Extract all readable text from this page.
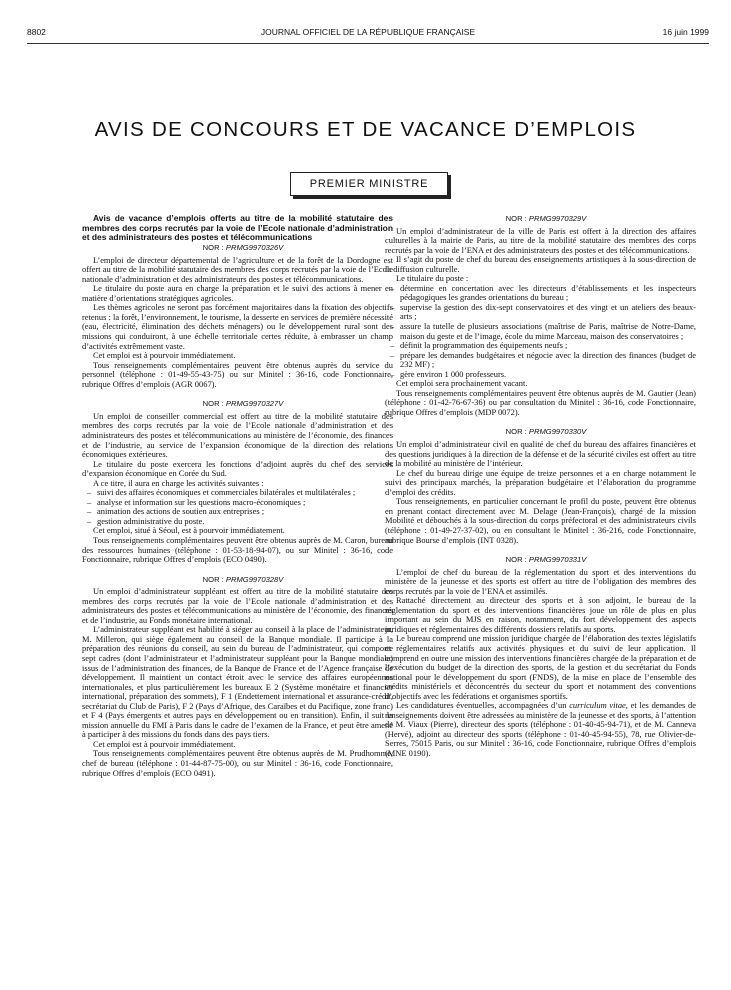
8802	JOURNAL OFFICIEL DE LA RÉPUBLIQUE FRANÇAISE	16 juin 1999
AVIS DE CONCOURS ET DE VACANCE D’EMPLOIS
PREMIER MINISTRE

Avis de vacance d’emplois offerts au titre de la mobilité statutaire des membres des corps recrutés par la voie de l’Ecole nationale d’administration et des administrateurs des postes et télécommunications

NOR : PRMG9970326V

L’emploi de directeur départemental de l’agriculture et de la forêt de la Dordogne est offert au titre de la mobilité statutaire des membres des corps recrutés par la voie de l’Ecole nationale d’administration et des administrateurs des postes et télécommunications.

Le titulaire du poste aura en charge la préparation et le suivi des actions à mener en matière d’orientations stratégiques agricoles.

Les thèmes agricoles ne seront pas forcément majoritaires dans la fixation des objectifs retenus : la forêt, l’environnement, le tourisme, la desserte en services de première nécessité (eau, électricité, élimination des déchets ménagers) ou le développement rural sont des missions qui conduiront, à une échelle territoriale certes réduite, à embrasser un champ d’activités extrêmement vaste.

Cet emploi est à pourvoir immédiatement.

Tous renseignements complémentaires peuvent être obtenus auprès du service du personnel (téléphone : 01-49-55-43-75) ou sur Minitel : 36-16, code Fonctionnaire, rubrique Offres d’emplois (AGR 0067).

NOR : PRMG9970327V

Un emploi de conseiller commercial est offert au titre de la mobilité statutaire des membres des corps recrutés par la voie de l’Ecole nationale d’administration et des administrateurs des postes et télécommunications au ministère de l’économie, des finances et de l’industrie, au service de l’expansion économique de la direction des relations économiques extérieures.

Le titulaire du poste exercera les fonctions d’adjoint auprès du chef des services d’expansion économique en Corée du Sud.

A ce titre, il aura en charge les activités suivantes :

– suivi des affaires économiques et commerciales bilatérales et multilatérales ;
– analyse et information sur les questions macro-économiques ;
– animation des actions de soutien aux entreprises ;
– gestion administrative du poste.

Cet emploi, situé à Séoul, est à pourvoir immédiatement.

Tous renseignements complémentaires peuvent être obtenus auprès de M. Caron, bureau des ressources humaines (téléphone : 01-53-18-94-07), ou sur Minitel : 36-16, code Fonctionnaire, rubrique Offres d’emplois (ECO 0490).

NOR : PRMG9970328V

Un emploi d’administrateur suppléant est offert au titre de la mobilité statutaire des membres des corps recrutés par la voie de l’Ecole nationale d’administration et des administrateurs des postes et télécommunications au ministère de l’économie, des finances et de l’industrie, au Fonds monétaire international.

L’administrateur suppléant est habilité à siéger au conseil à la place de l’administrateur, M. Milleron, qui siège également au conseil de la Banque mondiale. Il participe à la préparation des réunions du conseil, au sein du bureau de l’administrateur, qui comporte sept cadres (dont l’administrateur et l’administrateur suppléant pour la Banque mondiale) issus de l’administration des finances, de la Banque de France et de l’Agence française de développement. Il maintient un contact étroit avec le service des affaires européennes internationales, et plus particulièrement les bureaux E 2 (Système monétaire et financier international, préparation des sommets), F 1 (Endettement international et assurance-crédit, secrétariat du Club de Paris), F 2 (Pays d’Afrique, des Caraïbes et du Pacifique, zone franc) et F 4 (Pays émergents et autres pays en développement ou en transition). Enfin, il suit la mission annuelle du FMI à Paris dans le cadre de l’examen de la France, et peut être amené à participer à des missions du fonds dans des pays tiers.

Cet emploi est à pourvoir immédiatement.

Tous renseignements complémentaires peuvent être obtenus auprès de M. Prudhomme, chef de bureau (téléphone : 01-44-87-75-00), ou sur Minitel : 36-16, code Fonctionnaire, rubrique Offres d’emplois (ECO 0491).

NOR : PRMG9970329V

Un emploi d’administrateur de la ville de Paris est offert à la direction des affaires culturelles à la mairie de Paris, au titre de la mobilité statutaire des membres des corps recrutés par la voie de l’ENA et des administrateurs des postes et des télécommunications.

Il s’agit du poste de chef du bureau des enseignements artistiques à la sous-direction de la diffusion culturelle.

Le titulaire du poste :

– détermine en concertation avec les directeurs d’établissements et les inspecteurs pédagogiques les grandes orientations du bureau ;
– supervise la gestion des dix-sept conservatoires et des vingt et un ateliers des beaux-arts ;
– assure la tutelle de plusieurs associations (maîtrise de Paris, maîtrise de Notre-Dame, maison du geste et de l’image, école du mime Marceau, maison des conservatoires ;
– définit la programmation des équipements neufs ;
– prépare les demandes budgétaires et négocie avec la direction des finances (budget de 232 MF) ;
– gère environ 1 000 professeurs.

Cet emploi sera prochainement vacant.

Tous renseignements complémentaires peuvent être obtenus auprès de M. Gautier (Jean) (téléphone : 01-42-76-67-36) ou par consultation du Minitel : 36-16, code Fonctionnaire, rubrique Offres d’emplois (MDP 0072).

NOR : PRMG9970330V

Un emploi d’administrateur civil en qualité de chef du bureau des affaires financières et des questions juridiques à la direction de la défense et de la sécurité civiles est offert au titre de la mobilité au ministère de l’intérieur.

Le chef du bureau dirige une équipe de treize personnes et a en charge notamment le suivi des principaux marchés, la préparation budgétaire et l’élaboration du programme d’emploi des crédits.

Tous renseignements, en particulier concernant le profil du poste, peuvent être obtenus en prenant contact directement avec M. Delage (Jean-François), chargé de la mission Mobilité et débouchés à la sous-direction du corps préfectoral et des administrateurs civils (téléphone : 01-49-27-37-02), ou en consultant le Minitel : 36-216, code Fonctionnaire, rubrique Bourse d’emplois (INT 0328).

NOR : PRMG9970331V

L’emploi de chef du bureau de la réglementation du sport et des interventions du ministère de la jeunesse et des sports est offert au titre de l’obligation des membres des corps recrutés par la voie de l’ENA et assimilés.

Rattaché directement au directeur des sports et à son adjoint, le bureau de la réglementation du sport et des interventions financières joue un rôle de plus en plus important au sein du MJS en raison, notamment, du fort développement des aspects juridiques et réglementaires des différents dossiers relatifs au sports.

Le bureau comprend une mission juridique chargée de l’élaboration des textes législatifs et réglementaires relatifs aux activités physiques et du suivi de leur application. Il comprend en outre une mission des interventions financières chargée de la préparation et de l’exécution du budget de la direction des sports, de la gestion et du secrétariat du Fonds national pour le développement du sport (FNDS), de la mise en place de l’ensemble des crédits ministériels et déconcentrés du secteur du sport et notamment des conventions d’objectifs avec les fédérations et organismes sportifs.

Les candidatures éventuelles, accompagnées d’un curriculum vitae, et les demandes de renseignements doivent être adressées au ministère de la jeunesse et des sports, à l’attention de M. Viaux (Pierre), directeur des sports (téléphone : 01-40-45-94-71), et de M. Canneva (Hervé), adjoint au directeur des sports (téléphone : 01-40-45-94-55), 78, rue Olivier-de-Serres, 75015 Paris, ou sur Minitel : 36-16, code Fonctionnaire, rubrique Offres d’emplois (MNE 0190).
